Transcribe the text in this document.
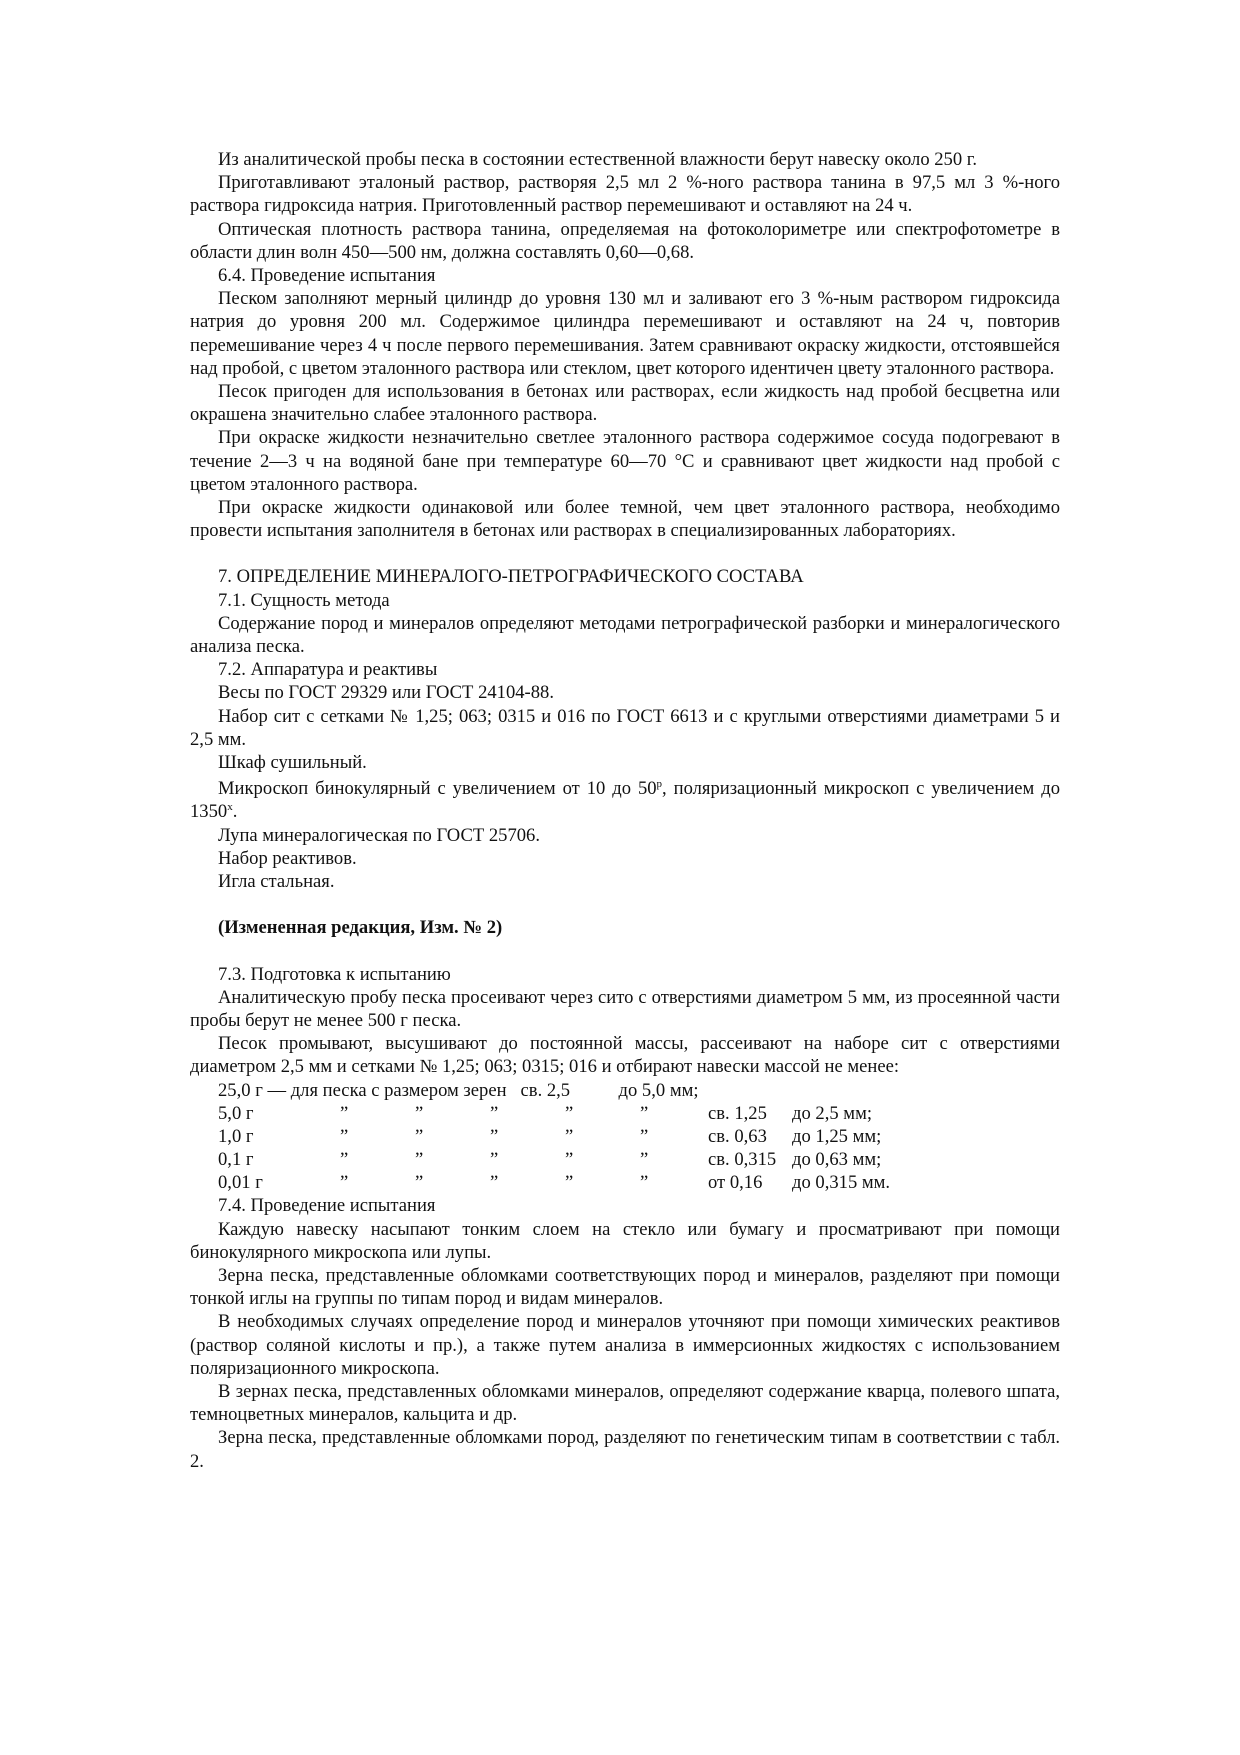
Из аналитической пробы песка в состоянии естественной влажности берут навеску около 250 г.

Приготавливают эталоный раствор, растворяя 2,5 мл 2 %-ного раствора танина в 97,5 мл 3 %-ного раствора гидроксида натрия. Приготовленный раствор перемешивают и оставляют на 24 ч.

Оптическая плотность раствора танина, определяемая на фотоколориметре или спектрофотометре в области длин волн 450—500 нм, должна составлять 0,60—0,68.

6.4. Проведение испытания

Песком заполняют мерный цилиндр до уровня 130 мл и заливают его 3 %-ным раствором гидроксида натрия до уровня 200 мл. Содержимое цилиндра перемешивают и оставляют на 24 ч, повторив перемешивание через 4 ч после первого перемешивания. Затем сравнивают окраску жидкости, отстоявшейся над пробой, с цветом эталонного раствора или стеклом, цвет которого идентичен цвету эталонного раствора.

Песок пригоден для использования в бетонах или растворах, если жидкость над пробой бесцветна или окрашена значительно слабее эталонного раствора.

При окраске жидкости незначительно светлее эталонного раствора содержимое сосуда подогревают в течение 2—3 ч на водяной бане при температуре 60—70 °С и сравнивают цвет жидкости над пробой с цветом эталонного раствора.

При окраске жидкости одинаковой или более темной, чем цвет эталонного раствора, необходимо провести испытания заполнителя в бетонах или растворах в специализированных лабораториях.

7. ОПРЕДЕЛЕНИЕ МИНЕРАЛОГО-ПЕТРОГРАФИЧЕСКОГО СОСТАВА

7.1. Сущность метода

Содержание пород и минералов определяют методами петрографической разборки и минералогического анализа песка.

7.2. Аппаратура и реактивы

Весы по ГОСТ 29329 или ГОСТ 24104-88.

Набор сит с сетками № 1,25; 063; 0315 и 016 по ГОСТ 6613 и с круглыми отверстиями диаметрами 5 и 2,5 мм.

Шкаф сушильный.

Микроскоп бинокулярный с увеличением от 10 до $50^р$, поляризационный микроскоп с увеличением до $1350^х$.

Лупа минералогическая по ГОСТ 25706.

Набор реактивов.

Игла стальная.

(Измененная редакция, Изм. № 2)

7.3. Подготовка к испытанию

Аналитическую пробу песка просеивают через сито с отверстиями диаметром 5 мм, из просеянной части пробы берут не менее 500 г песка.

Песок промывают, высушивают до постоянной массы, рассеивают на наборе сит с отверстиями диаметром 2,5 мм и сетками № 1,25; 063; 0315; 016 и отбирают навески массой не менее:

25,0 г — для песка с размером зерен св. 2,5	до 5,0 мм;
5,0 г	”	”	”	”	”	св. 1,25	до 2,5 мм;
1,0 г	”	”	”	”	”	св. 0,63	до 1,25 мм;
0,1 г	”	”	”	”	”	св. 0,315 до 0,63 мм;
0,01 г	”	”	”	”	”	от 0,16	до 0,315 мм.

7.4. Проведение испытания

Каждую навеску насыпают тонким слоем на стекло или бумагу и просматривают при помощи бинокулярного микроскопа или лупы.

Зерна песка, представленные обломками соответствующих пород и минералов, разделяют при помощи тонкой иглы на группы по типам пород и видам минералов.

В необходимых случаях определение пород и минералов уточняют при помощи химических реактивов (раствор соляной кислоты и пр.), а также путем анализа в иммерсионных жидкостях с использованием поляризационного микроскопа.

В зернах песка, представленных обломками минералов, определяют содержание кварца, полевого шпата, темноцветных минералов, кальцита и др.

Зерна песка, представленные обломками пород, разделяют по генетическим типам в соответствии с табл. 2.
